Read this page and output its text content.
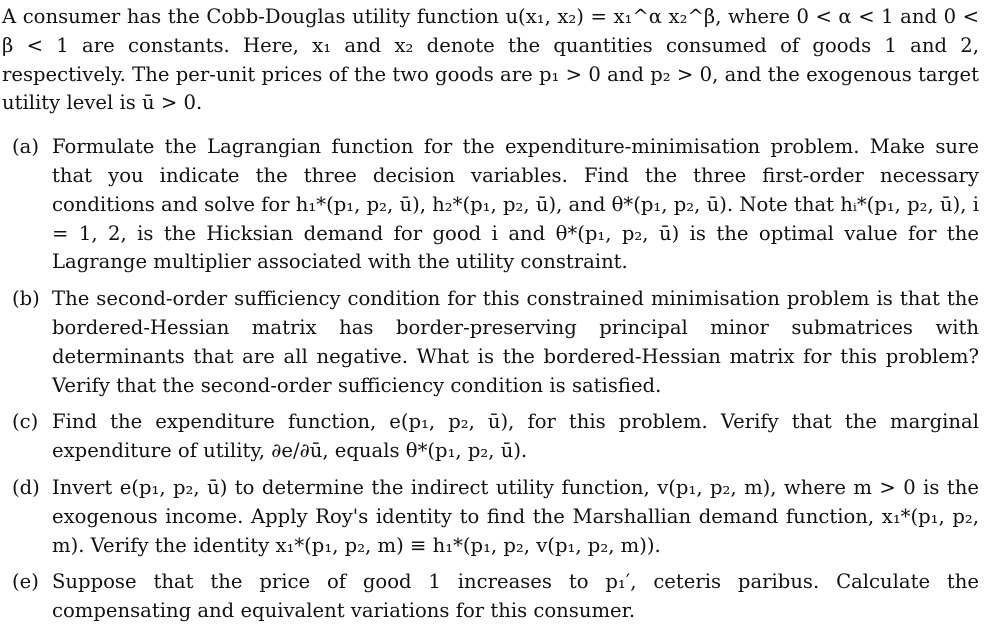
A consumer has the Cobb-Douglas utility function u(x₁, x₂) = x₁^α x₂^β, where 0 < α < 1 and 0 < β < 1 are constants. Here, x₁ and x₂ denote the quantities consumed of goods 1 and 2, respectively. The per-unit prices of the two goods are p₁ > 0 and p₂ > 0, and the exogenous target utility level is ū > 0.

(a) Formulate the Lagrangian function for the expenditure-minimisation problem. Make sure that you indicate the three decision variables. Find the three first-order necessary conditions and solve for h₁*(p₁, p₂, ū), h₂*(p₁, p₂, ū), and θ*(p₁, p₂, ū). Note that hᵢ*(p₁, p₂, ū), i = 1, 2, is the Hicksian demand for good i and θ*(p₁, p₂, ū) is the optimal value for the Lagrange multiplier associated with the utility constraint.

(b) The second-order sufficiency condition for this constrained minimisation problem is that the bordered-Hessian matrix has border-preserving principal minor submatrices with determinants that are all negative. What is the bordered-Hessian matrix for this problem? Verify that the second-order sufficiency condition is satisfied.

(c) Find the expenditure function, e(p₁, p₂, ū), for this problem. Verify that the marginal expenditure of utility, ∂e/∂ū, equals θ*(p₁, p₂, ū).

(d) Invert e(p₁, p₂, ū) to determine the indirect utility function, v(p₁, p₂, m), where m > 0 is the exogenous income. Apply Roy's identity to find the Marshallian demand function, x₁*(p₁, p₂, m). Verify the identity x₁*(p₁, p₂, m) ≡ h₁*(p₁, p₂, v(p₁, p₂, m)).

(e) Suppose that the price of good 1 increases to p₁′, ceteris paribus. Calculate the compensating and equivalent variations for this consumer.
